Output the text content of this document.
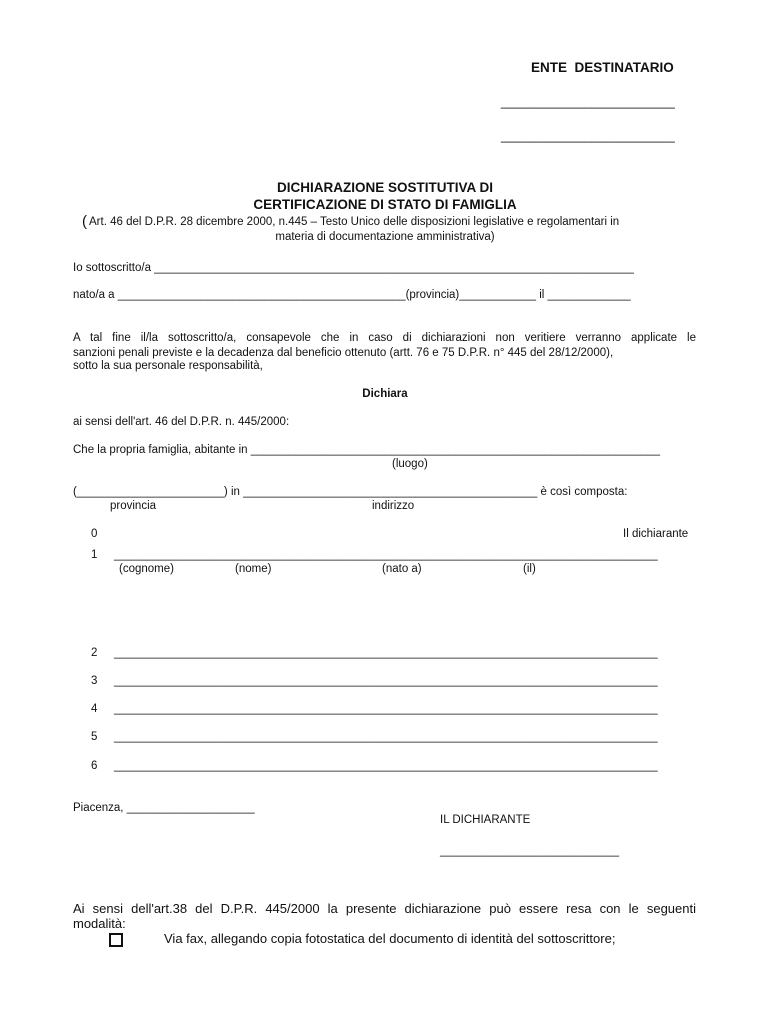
ENTE  DESTINATARIO
_________________________
_________________________
DICHIARAZIONE SOSTITUTIVA DI
CERTIFICAZIONE DI STATO DI FAMIGLIA
( Art. 46 del D.P.R. 28 dicembre 2000, n.445 – Testo Unico delle disposizioni legislative e regolamentari in
materia di documentazione amministrativa)
Io sottoscritto/a ___________________________________________________________________________
nato/a a _____________________________________________(provincia)____________ il _____________
A tal fine il/la sottoscritto/a, consapevole che in caso di dichiarazioni non veritiere verranno applicate le
sanzioni penali previste e la decadenza dal beneficio ottenuto (artt. 76 e 75 D.P.R. n° 445 del 28/12/2000),
sotto la sua personale responsabilità,
Dichiara
ai sensi dell'art. 46 del D.P.R. n. 445/2000:
Che la propria famiglia, abitante in ________________________________________________________________
(luogo)
(_______________________) in ______________________________________________ è così composta:
provincia	indirizzo
0	Il dichiarante
1 _____________________________________________________________________________________
(cognome)	(nome)	(nato a)	(il)
2 _____________________________________________________________________________________
3 _____________________________________________________________________________________
4 _____________________________________________________________________________________
5 _____________________________________________________________________________________
6 _____________________________________________________________________________________
Piacenza, ____________________
IL DICHIARANTE
____________________________
Ai sensi dell'art.38 del D.P.R. 445/2000 la presente dichiarazione può essere resa con le seguenti
modalità:
Via fax, allegando copia fotostatica del documento di identità del sottoscrittore;
